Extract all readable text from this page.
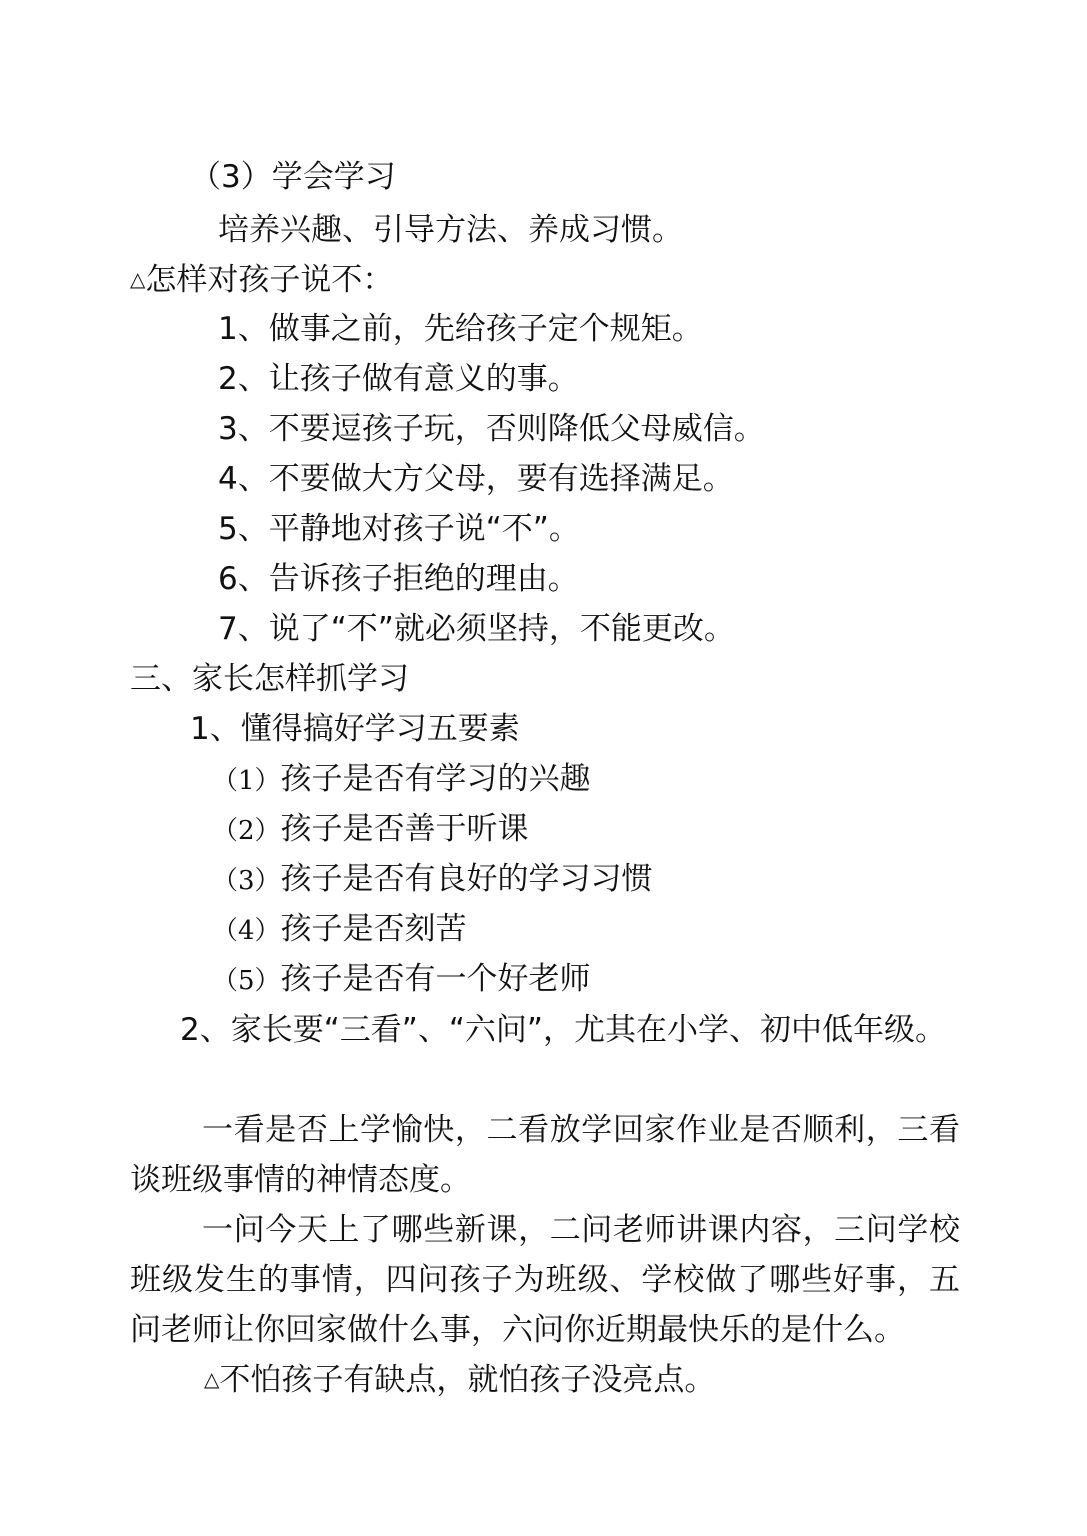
（3）学会学习
培养兴趣、引导方法、养成习惯。
△怎样对孩子说不：
1、做事之前，先给孩子定个规矩。
2、让孩子做有意义的事。
3、不要逗孩子玩，否则降低父母威信。
4、不要做大方父母，要有选择满足。
5、平静地对孩子说“不”。
6、告诉孩子拒绝的理由。
7、说了“不”就必须坚持，不能更改。
三、家长怎样抓学习
1、懂得搞好学习五要素
（1）孩子是否有学习的兴趣
（2）孩子是否善于听课
（3）孩子是否有良好的学习习惯
（4）孩子是否刻苦
（5）孩子是否有一个好老师
2、家长要“三看”、“六问”，尤其在小学、初中低年级。
一看是否上学愉快，二看放学回家作业是否顺利，三看谈班级事情的神情态度。
一问今天上了哪些新课，二问老师讲课内容，三问学校班级发生的事情，四问孩子为班级、学校做了哪些好事，五问老师让你回家做什么事，六问你近期最快乐的是什么。
△不怕孩子有缺点，就怕孩子没亮点。
